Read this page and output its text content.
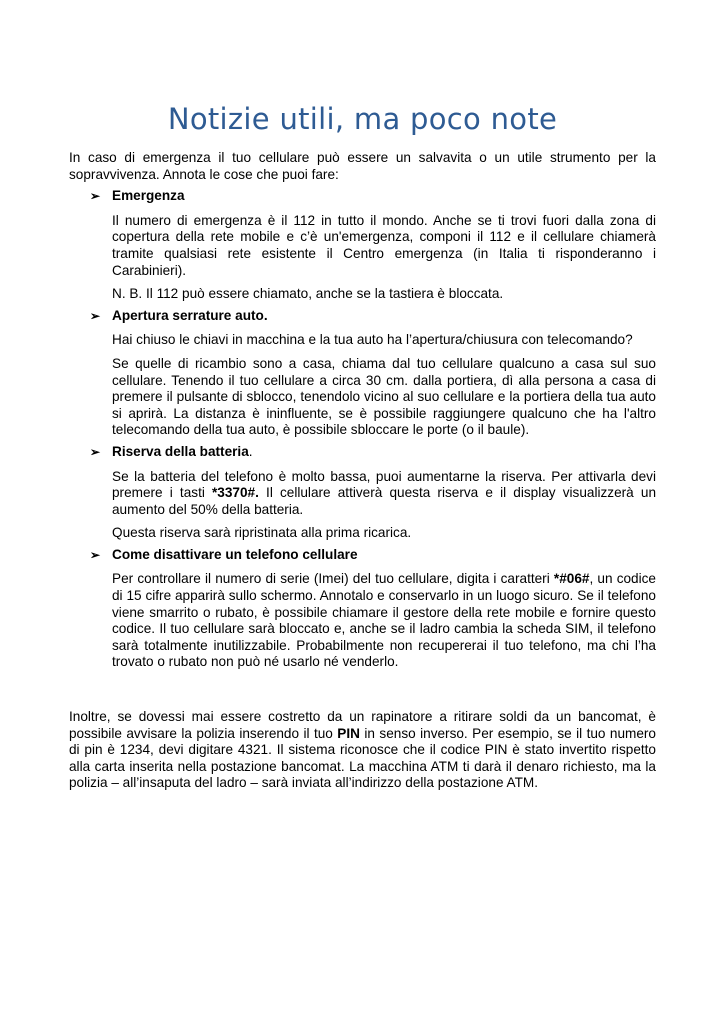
Notizie utili, ma poco note

In caso di emergenza il tuo cellulare può essere un salvavita o un utile strumento per la sopravvivenza. Annota le cose che puoi fare:

➢ Emergenza

Il numero di emergenza è il 112 in tutto il mondo. Anche se ti trovi fuori dalla zona di copertura della rete mobile e c’è un'emergenza, componi il 112 e il cellulare chiamerà tramite qualsiasi rete esistente il Centro emergenza (in Italia ti risponderanno i Carabinieri).

N. B. Il 112 può essere chiamato, anche se la tastiera è bloccata.

➢ Apertura serrature auto.

Hai chiuso le chiavi in macchina e la tua auto ha l’apertura/chiusura con telecomando?

Se quelle di ricambio sono a casa, chiama dal tuo cellulare qualcuno a casa sul suo cellulare. Tenendo il tuo cellulare a circa 30 cm. dalla portiera, dì alla persona a casa di premere il pulsante di sblocco, tenendolo vicino al suo cellulare e la portiera della tua auto si aprirà. La distanza è ininfluente, se è possibile raggiungere qualcuno che ha l'altro telecomando della tua auto, è possibile sbloccare le porte (o il baule).

➢ Riserva della batteria.

Se la batteria del telefono è molto bassa, puoi aumentarne la riserva. Per attivarla devi premere i tasti *3370#. Il cellulare attiverà questa riserva e il display visualizzerà un aumento del 50% della batteria.

Questa riserva sarà ripristinata alla prima ricarica.

➢ Come disattivare un telefono cellulare

Per controllare il numero di serie (Imei) del tuo cellulare, digita i caratteri *#06#, un codice di 15 cifre apparirà sullo schermo. Annotalo e conservarlo in un luogo sicuro. Se il telefono viene smarrito o rubato, è possibile chiamare il gestore della rete mobile e fornire questo codice. Il tuo cellulare sarà bloccato e, anche se il ladro cambia la scheda SIM, il telefono sarà totalmente inutilizzabile. Probabilmente non recupererai il tuo telefono, ma chi l’ha trovato o rubato non può né usarlo né venderlo.

Inoltre, se dovessi mai essere costretto da un rapinatore a ritirare soldi da un bancomat, è possibile avvisare la polizia inserendo il tuo PIN in senso inverso. Per esempio, se il tuo numero di pin è 1234, devi digitare 4321. Il sistema riconosce che il codice PIN è stato invertito rispetto alla carta inserita nella postazione bancomat. La macchina ATM ti darà il denaro richiesto, ma la polizia – all’insaputa del ladro – sarà inviata all’indirizzo della postazione ATM.
